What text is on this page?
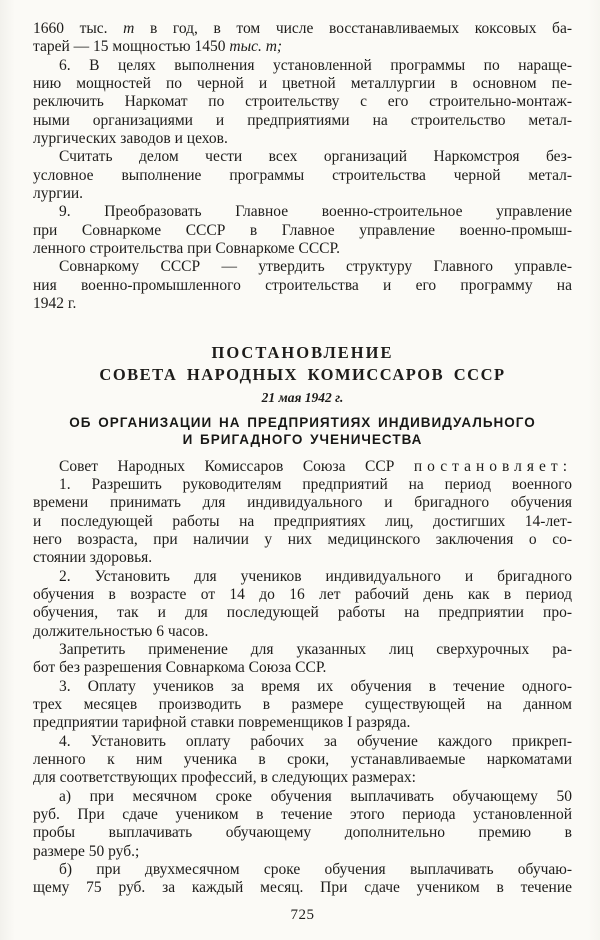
1660 тыс. т в год, в том числе восстанавливаемых коксовых ба-
тарей — 15 мощностью 1450 тыс. т;
6. В целях выполнения установленной программы по нараще-
нию мощностей по черной и цветной металлургии в основном пе-
реключить Наркомат по строительству с его строительно-монтаж-
ными организациями и предприятиями на строительство метал-
лургических заводов и цехов.
Считать делом чести всех организаций Наркомстроя без-
условное выполнение программы строительства черной метал-
лургии.
9. Преобразовать Главное военно-строительное управление
при Совнаркоме СССР в Главное управление военно-промыш-
ленного строительства при Совнаркоме СССР.
Совнаркому СССР — утвердить структуру Главного управле-
ния военно-промышленного строительства и его программу на
1942 г.
ПОСТАНОВЛЕНИЕ
СОВЕТА НАРОДНЫХ КОМИССАРОВ СССР
21 мая 1942 г.
ОБ ОРГАНИЗАЦИИ НА ПРЕДПРИЯТИЯХ ИНДИВИДУАЛЬНОГО
И БРИГАДНОГО УЧЕНИЧЕСТВА
Совет Народных Комиссаров Союза ССР постановляет:
1. Разрешить руководителям предприятий на период военного
времени принимать для индивидуального и бригадного обучения
и последующей работы на предприятиях лиц, достигших 14-лет-
него возраста, при наличии у них медицинского заключения о со-
стоянии здоровья.
2. Установить для учеников индивидуального и бригадного
обучения в возрасте от 14 до 16 лет рабочий день как в период
обучения, так и для последующей работы на предприятии про-
должительностью 6 часов.
Запретить применение для указанных лиц сверхурочных ра-
бот без разрешения Совнаркома Союза ССР.
3. Оплату учеников за время их обучения в течение одного-
трех месяцев производить в размере существующей на данном
предприятии тарифной ставки повременщиков I разряда.
4. Установить оплату рабочих за обучение каждого прикреп-
ленного к ним ученика в сроки, устанавливаемые наркоматами
для соответствующих профессий, в следующих размерах:
а) при месячном сроке обучения выплачивать обучающему 50
руб. При сдаче учеником в течение этого периода установленной
пробы выплачивать обучающему дополнительно премию в
размере 50 руб.;
б) при двухмесячном сроке обучения выплачивать обучаю-
щему 75 руб. за каждый месяц. При сдаче учеником в течение
725
